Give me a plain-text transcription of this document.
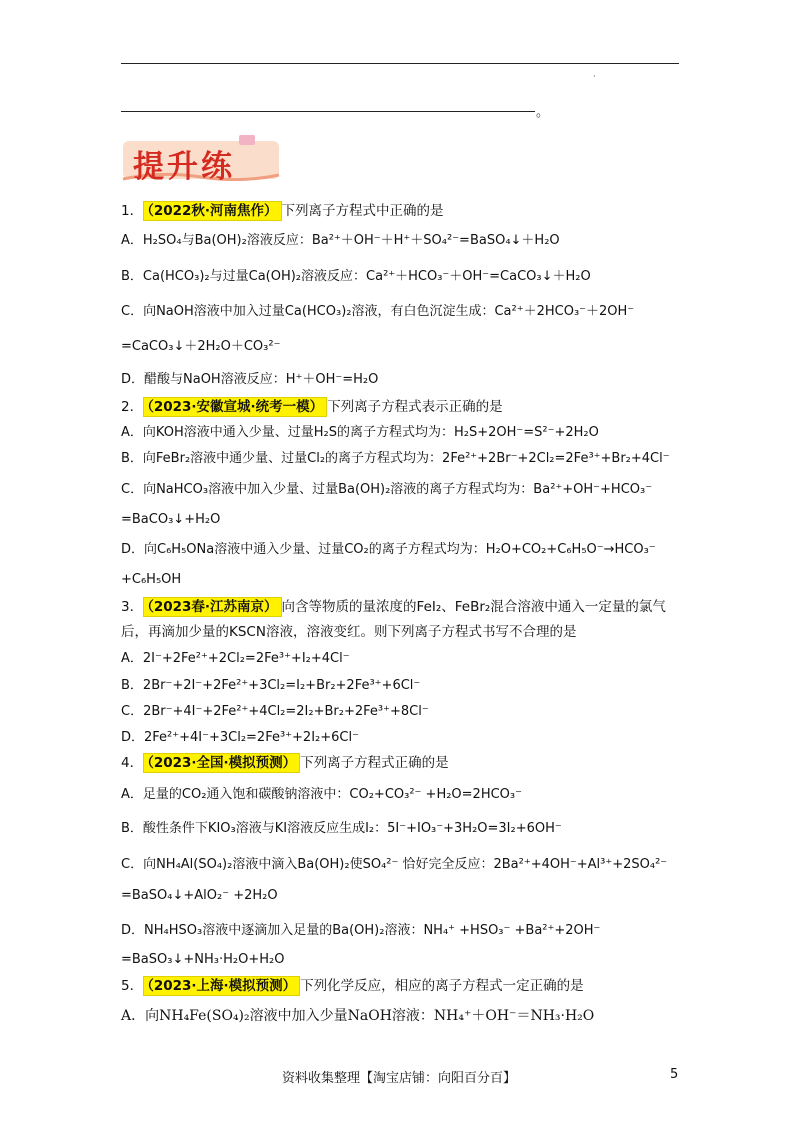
·
。
提升练
1． （2022秋·河南焦作） 下列离子方程式中正确的是
A．H₂SO₄与Ba(OH)₂溶液反应：Ba²⁺＋OH⁻＋H⁺＋SO₄²⁻=BaSO₄↓＋H₂O
B．Ca(HCO₃)₂与过量Ca(OH)₂溶液反应：Ca²⁺＋HCO₃⁻＋OH⁻=CaCO₃↓＋H₂O
C．向NaOH溶液中加入过量Ca(HCO₃)₂溶液，有白色沉淀生成：Ca²⁺＋2HCO₃⁻＋2OH⁻
=CaCO₃↓＋2H₂O＋CO₃²⁻
D．醋酸与NaOH溶液反应：H⁺＋OH⁻=H₂O
2． （2023·安徽宣城·统考一模） 下列离子方程式表示正确的是
A．向KOH溶液中通入少量、过量H₂S的离子方程式均为：H₂S+2OH⁻=S²⁻+2H₂O
B．向FeBr₂溶液中通少量、过量Cl₂的离子方程式均为：2Fe²⁺+2Br⁻+2Cl₂=2Fe³⁺+Br₂+4Cl⁻
C．向NaHCO₃溶液中加入少量、过量Ba(OH)₂溶液的离子方程式均为：Ba²⁺+OH⁻+HCO₃⁻
=BaCO₃↓+H₂O
D．向C₆H₅ONa溶液中通入少量、过量CO₂的离子方程式均为：H₂O+CO₂+C₆H₅O⁻→HCO₃⁻
+C₆H₅OH
3． （2023春·江苏南京） 向含等物质的量浓度的FeI₂、FeBr₂混合溶液中通入一定量的氯气
后，再滴加少量的KSCN溶液，溶液变红。则下列离子方程式书写不合理的是
A．2I⁻+2Fe²⁺+2Cl₂=2Fe³⁺+I₂+4Cl⁻
B．2Br⁻+2I⁻+2Fe²⁺+3Cl₂=I₂+Br₂+2Fe³⁺+6Cl⁻
C．2Br⁻+4I⁻+2Fe²⁺+4Cl₂=2I₂+Br₂+2Fe³⁺+8Cl⁻
D．2Fe²⁺+4I⁻+3Cl₂=2Fe³⁺+2I₂+6Cl⁻
4． （2023·全国·模拟预测） 下列离子方程式正确的是
A．足量的CO₂通入饱和碳酸钠溶液中：CO₂+CO₃²⁻ +H₂O=2HCO₃⁻
B．酸性条件下KIO₃溶液与KI溶液反应生成I₂：5I⁻+IO₃⁻+3H₂O=3I₂+6OH⁻
C．向NH₄Al(SO₄)₂溶液中滴入Ba(OH)₂使SO₄²⁻ 恰好完全反应：2Ba²⁺+4OH⁻+Al³⁺+2SO₄²⁻
=BaSO₄↓+AlO₂⁻ +2H₂O
D．NH₄HSO₃溶液中逐滴加入足量的Ba(OH)₂溶液：NH₄⁺ +HSO₃⁻ +Ba²⁺+2OH⁻
=BaSO₃↓+NH₃·H₂O+H₂O
5． （2023·上海·模拟预测） 下列化学反应，相应的离子方程式一定正确的是
A．向NH₄Fe(SO₄)₂溶液中加入少量NaOH溶液：NH₄⁺＋OH⁻＝NH₃·H₂O
资料收集整理【淘宝店铺：向阳百分百】	5
